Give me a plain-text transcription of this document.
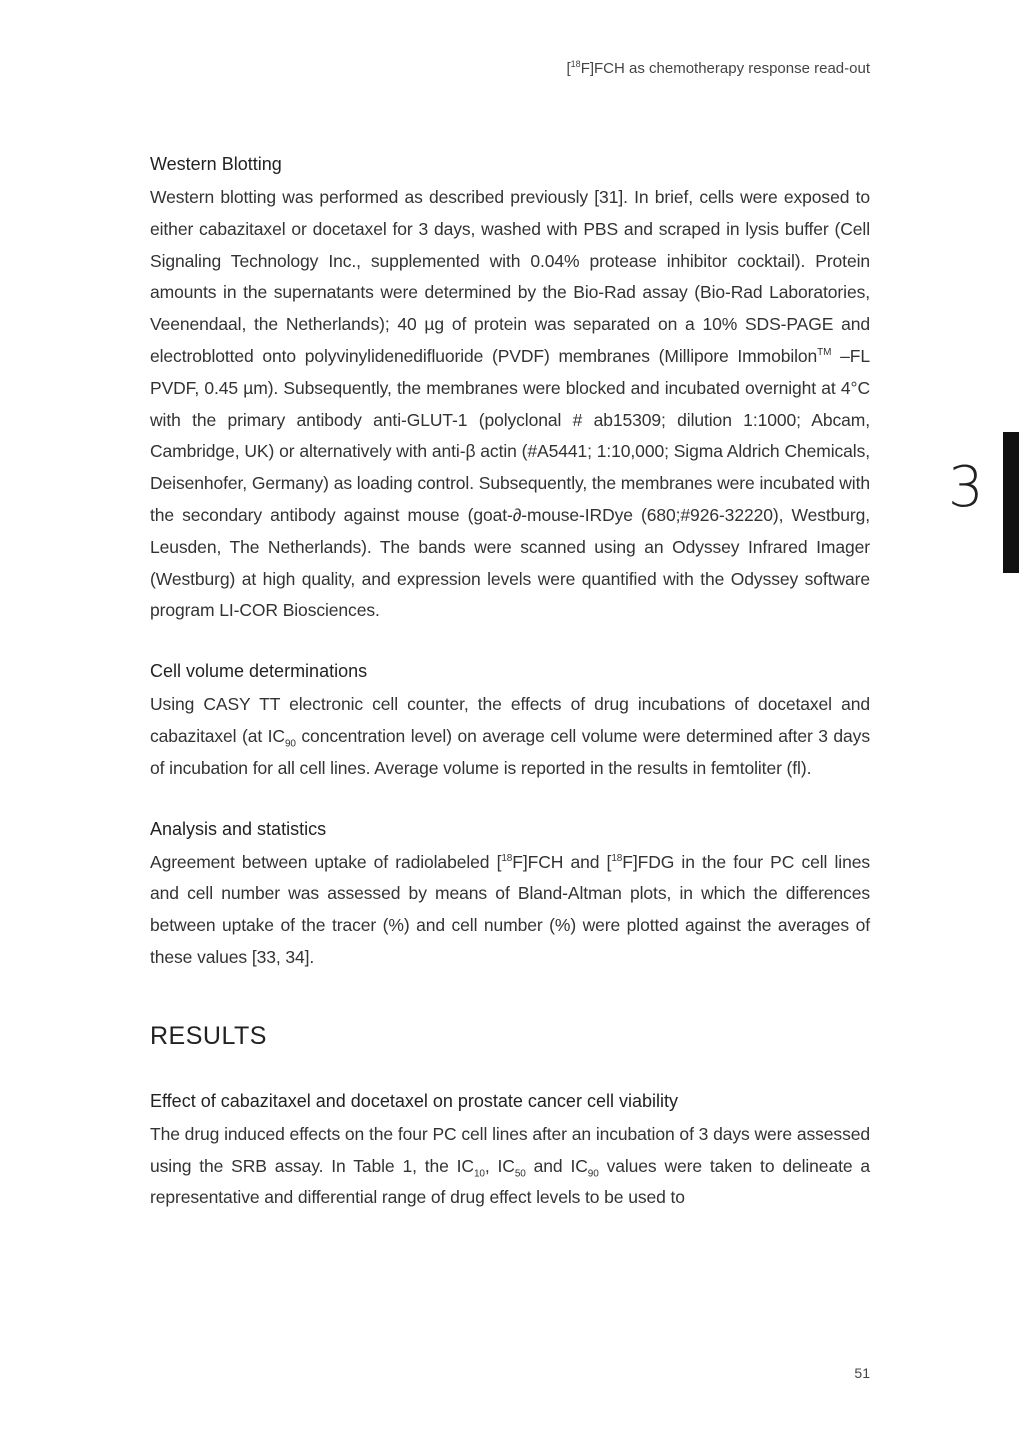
[$^{18}$F]FCH as chemotherapy response read-out
Western Blotting

Western blotting was performed as described previously [31]. In brief, cells were exposed to either cabazitaxel or docetaxel for 3 days, washed with PBS and scraped in lysis buffer (Cell Signaling Technology Inc., supplemented with 0.04% protease inhibitor cocktail). Protein amounts in the supernatants were determined by the Bio-Rad assay (Bio-Rad Laboratories, Veenendaal, the Netherlands); 40 µg of protein was separated on a 10% SDS-PAGE and electroblotted onto polyvinylidenedifluoride (PVDF) membranes (Millipore Immobilon™ –FL PVDF, 0.45 µm). Subsequently, the membranes were blocked and incubated overnight at 4°C with the primary antibody anti-GLUT-1 (polyclonal # ab15309; dilution 1:1000; Abcam, Cambridge, UK) or alternatively with anti-β actin (#A5441; 1:10,000; Sigma Aldrich Chemicals, Deisenhofer, Germany) as loading control. Subsequently, the membranes were incubated with the secondary antibody against mouse (goat-∂-mouse-IRDye (680;#926-32220), Westburg, Leusden, The Netherlands). The bands were scanned using an Odyssey Infrared Imager (Westburg) at high quality, and expression levels were quantified with the Odyssey software program LI-COR Biosciences.

Cell volume determinations

Using CASY TT electronic cell counter, the effects of drug incubations of docetaxel and cabazitaxel (at $IC_{90}$ concentration level) on average cell volume were determined after 3 days of incubation for all cell lines. Average volume is reported in the results in femtoliter (fl).

Analysis and statistics

Agreement between uptake of radiolabeled [$^{18}$F]FCH and [$^{18}$F]FDG in the four PC cell lines and cell number was assessed by means of Bland-Altman plots, in which the differences between uptake of the tracer (%) and cell number (%) were plotted against the averages of these values [33, 34].

RESULTS
Effect of cabazitaxel and docetaxel on prostate cancer cell viability

The drug induced effects on the four PC cell lines after an incubation of 3 days were assessed using the SRB assay. In Table 1, the $IC_{10}$, $IC_{50}$ and $IC_{90}$ values were taken to delineate a representative and differential range of drug effect levels to be used to

3
51
